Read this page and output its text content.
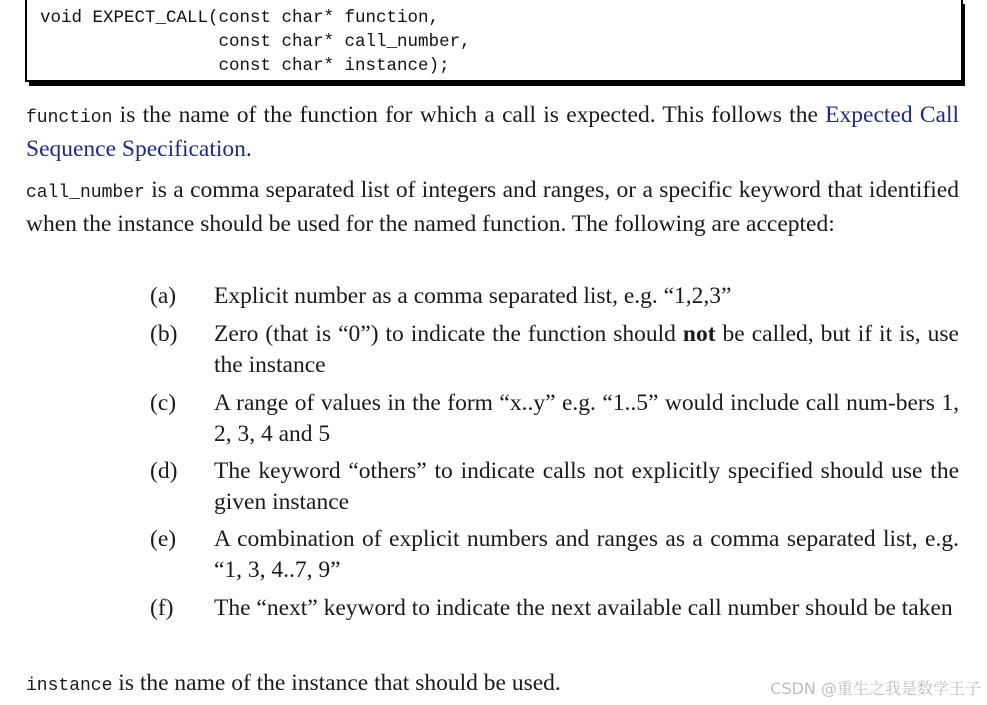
void EXPECT_CALL(const char* function,
const char* call_number,
const char* instance);
function is the name of the function for which a call is expected. This follows the Expected Call Sequence Specification.
call_number is a comma separated list of integers and ranges, or a specific keyword that identified when the instance should be used for the named function. The following are accepted:
(a) Explicit number as a comma separated list, e.g. “1,2,3”
(b) Zero (that is “0”) to indicate the function should not be called, but if it is, use the instance
(c) A range of values in the form “x..y” e.g. “1..5” would include call num-bers 1, 2, 3, 4 and 5
(d) The keyword “others” to indicate calls not explicitly specified should use the given instance
(e) A combination of explicit numbers and ranges as a comma separated list, e.g. “1, 3, 4..7, 9”
(f) The “next” keyword to indicate the next available call number should be taken
instance is the name of the instance that should be used.	CSDN @重生之我是数学王子
